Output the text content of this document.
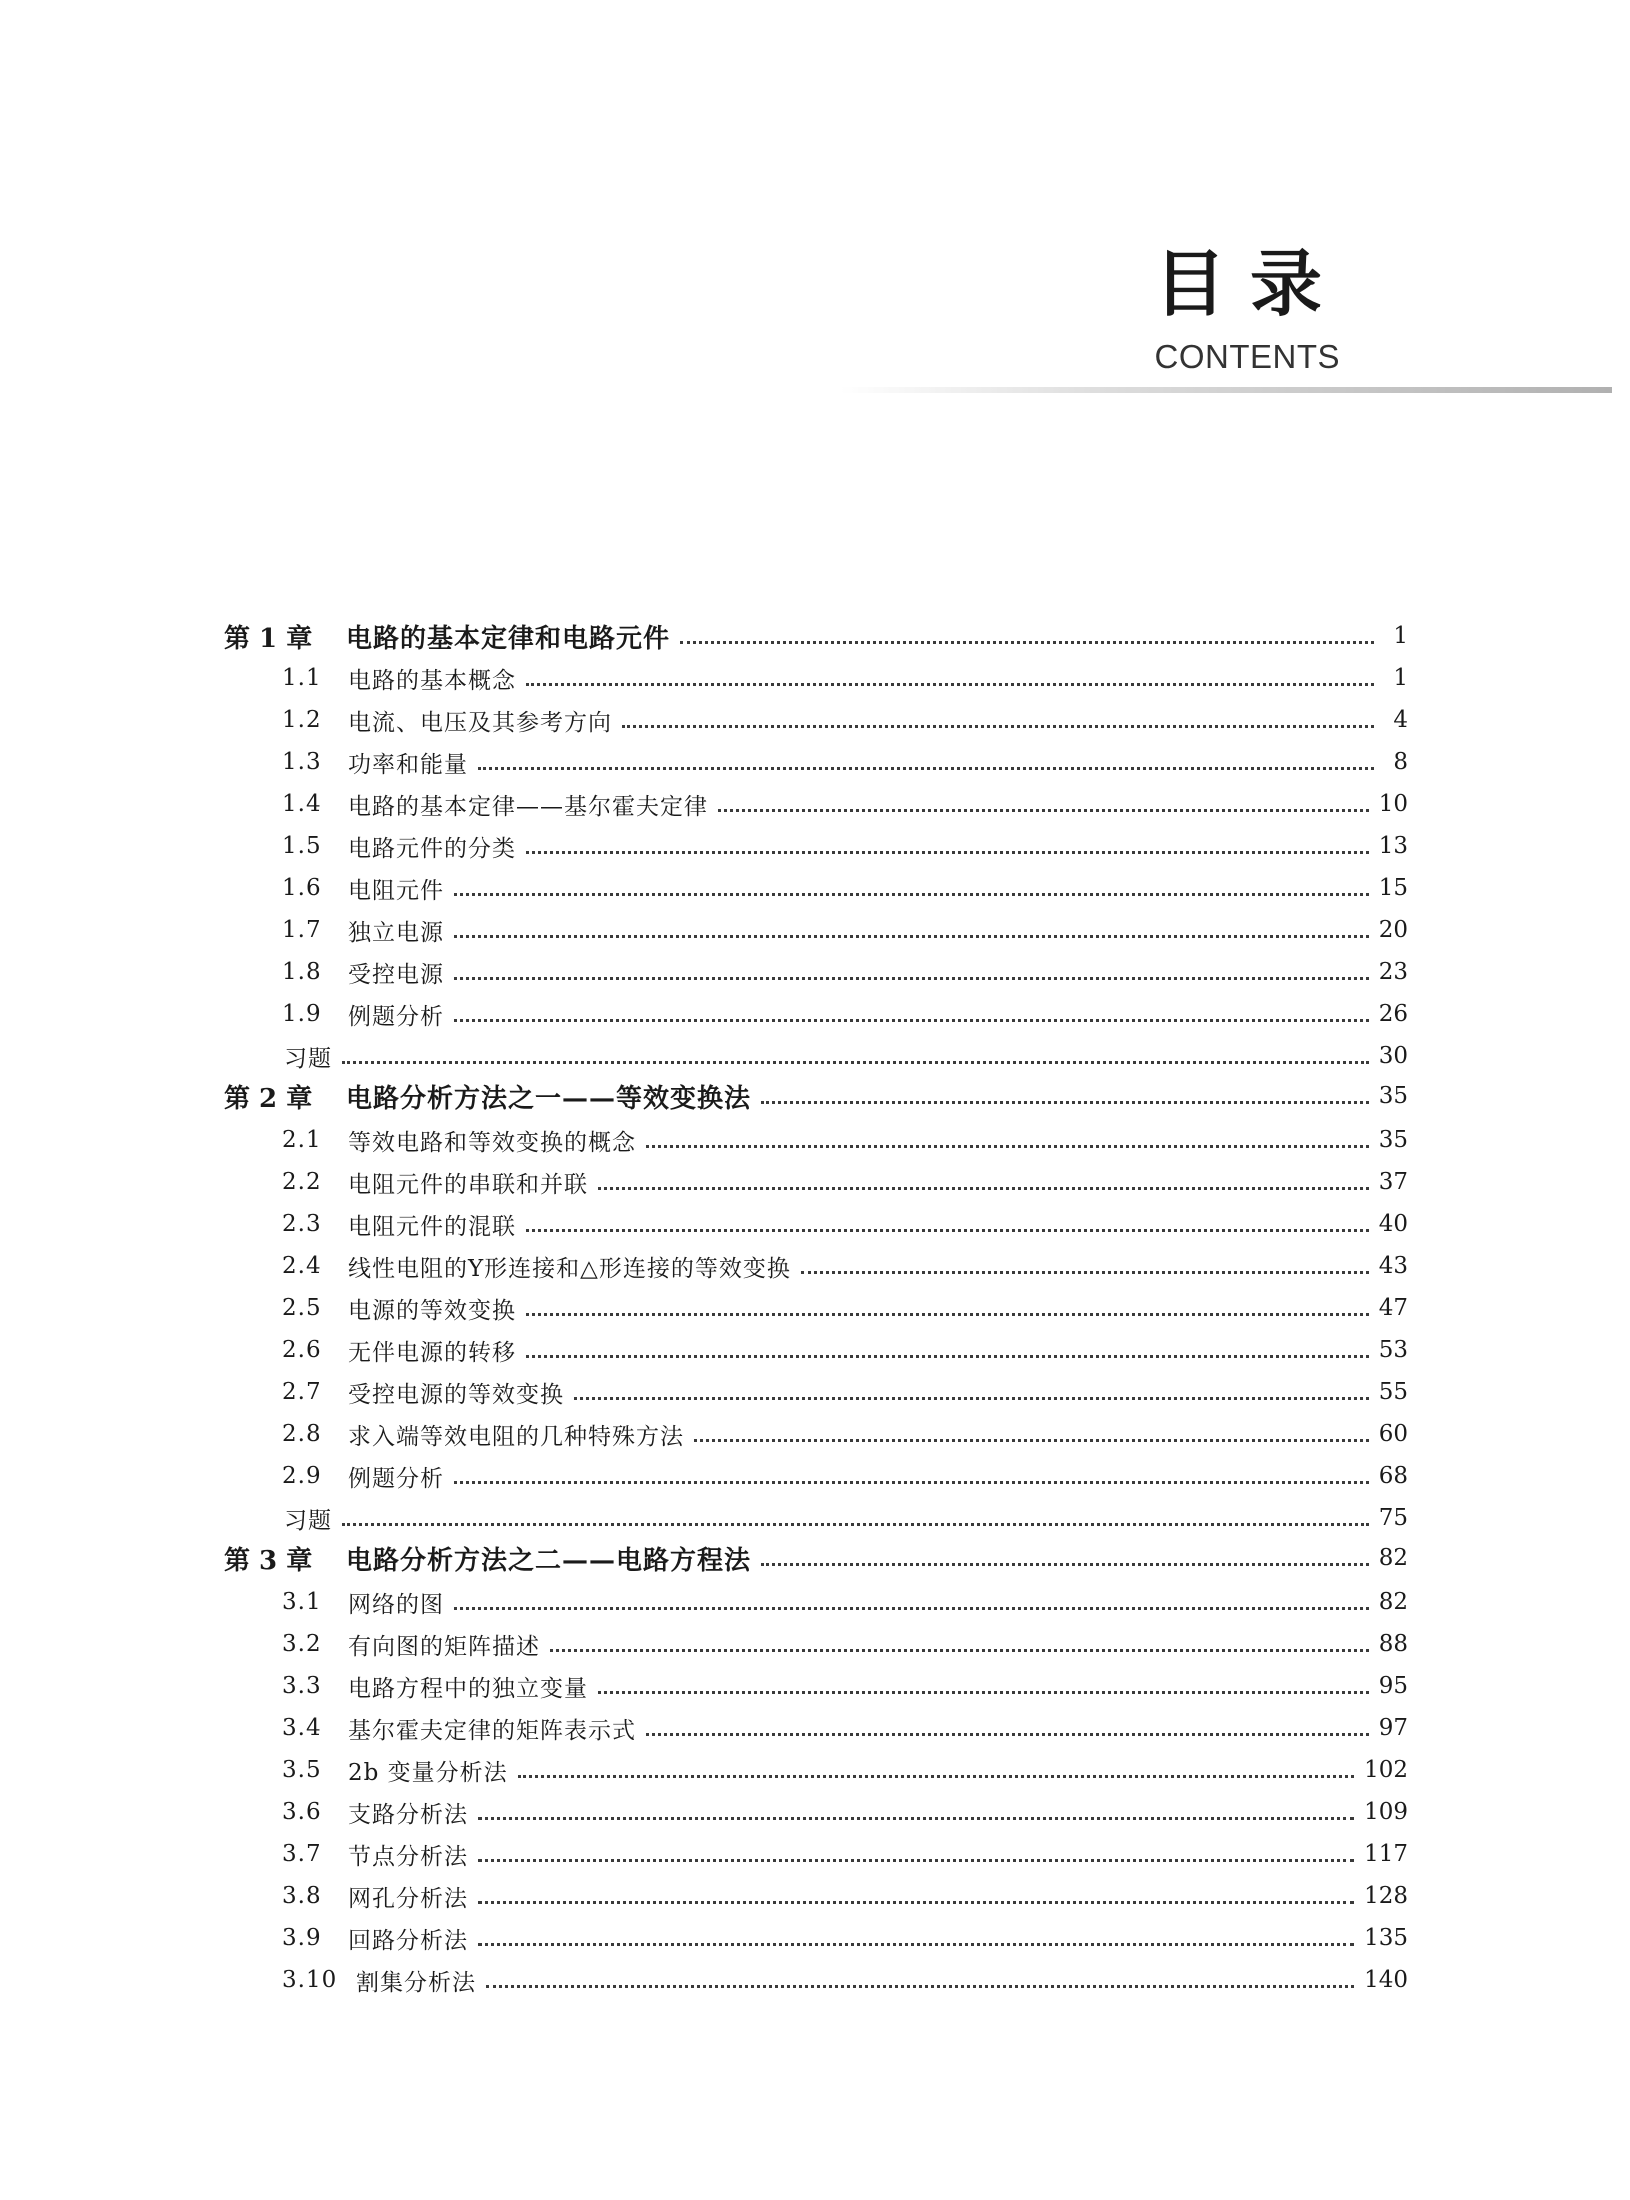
目录
CONTENTS
第 1 章	电路的基本定律和电路元件	1
1.1	电路的基本概念	1
1.2	电流、电压及其参考方向	4
1.3	功率和能量	8
1.4	电路的基本定律——基尔霍夫定律	10
1.5	电路元件的分类	13
1.6	电阻元件	15
1.7	独立电源	20
1.8	受控电源	23
1.9	例题分析	26
习题	30
第 2 章	电路分析方法之一——等效变换法	35
2.1	等效电路和等效变换的概念	35
2.2	电阻元件的串联和并联	37
2.3	电阻元件的混联	40
2.4	线性电阻的Y形连接和△形连接的等效变换	43
2.5	电源的等效变换	47
2.6	无伴电源的转移	53
2.7	受控电源的等效变换	55
2.8	求入端等效电阻的几种特殊方法	60
2.9	例题分析	68
习题	75
第 3 章	电路分析方法之二——电路方程法	82
3.1	网络的图	82
3.2	有向图的矩阵描述	88
3.3	电路方程中的独立变量	95
3.4	基尔霍夫定律的矩阵表示式	97
3.5	2b 变量分析法	102
3.6	支路分析法	109
3.7	节点分析法	117
3.8	网孔分析法	128
3.9	回路分析法	135
3.10 割集分析法	140
